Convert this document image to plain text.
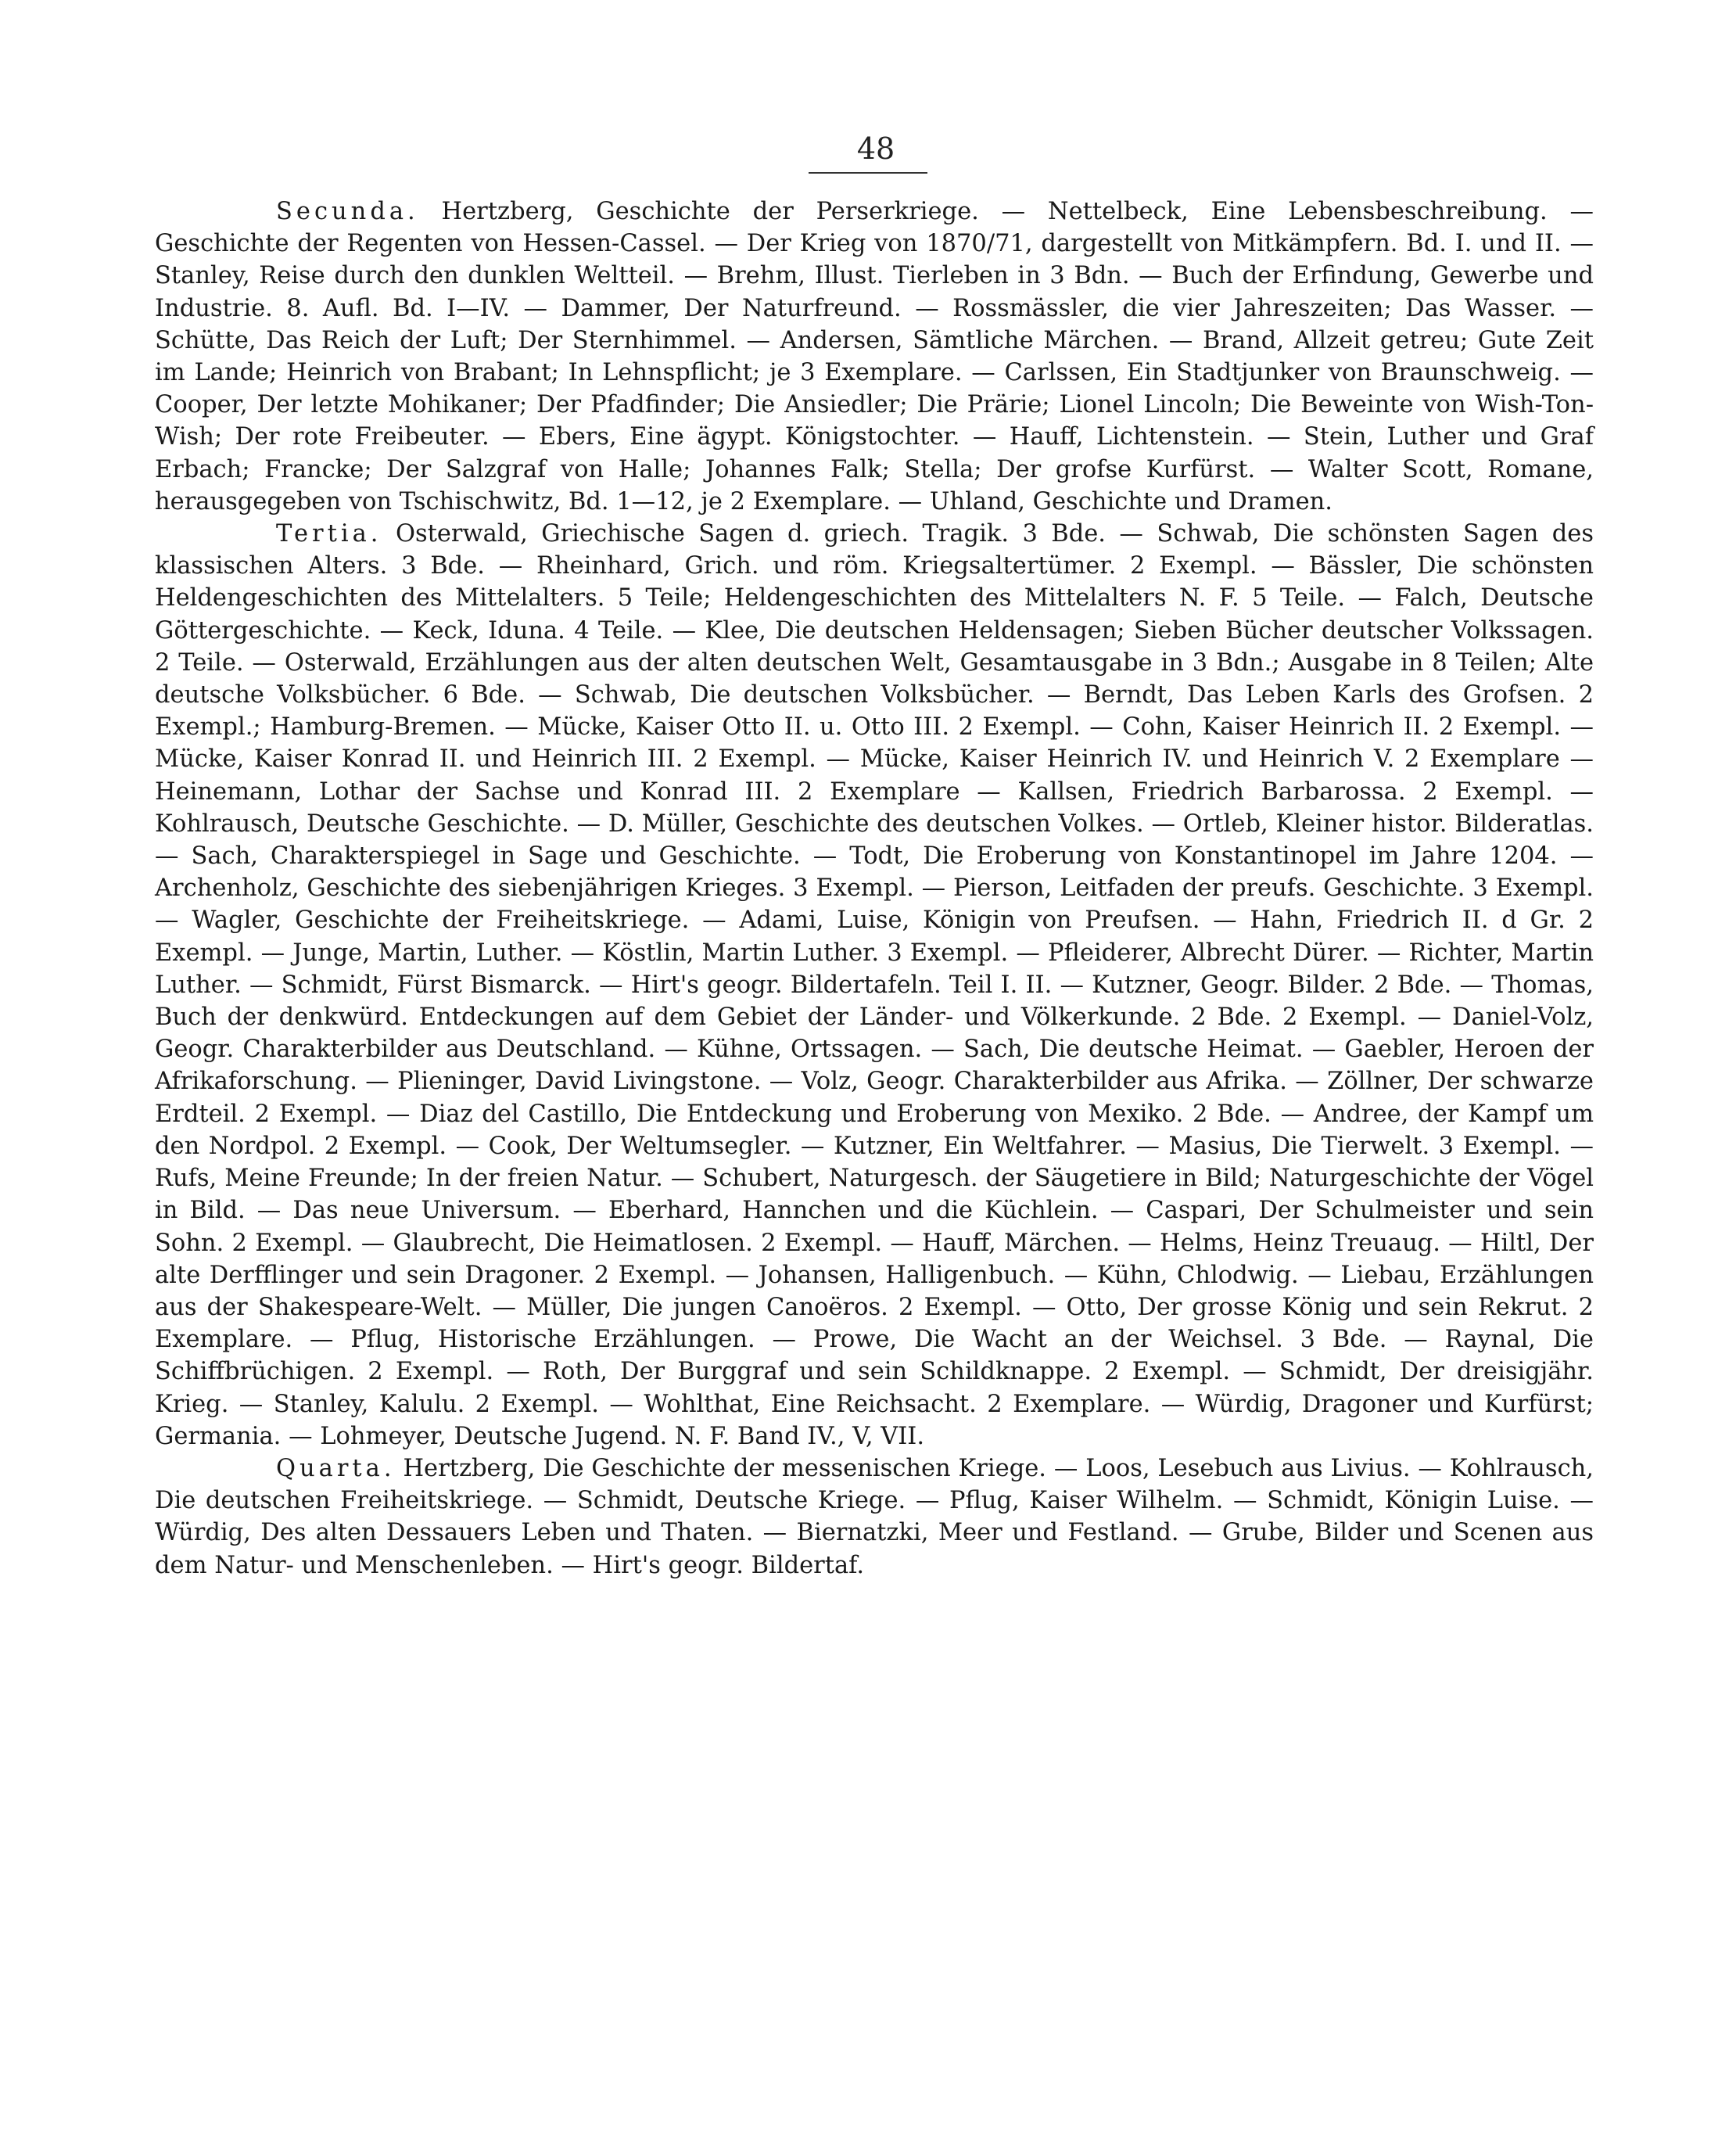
48

Secunda. Hertzberg, Geschichte der Perserkriege. — Nettelbeck, Eine Lebensbeschreibung. — Geschichte der Regenten von Hessen-Cassel. — Der Krieg von 1870/71, dargestellt von Mitkämpfern. Bd. I. und II. — Stanley, Reise durch den dunklen Weltteil. — Brehm, Illust. Tierleben in 3 Bdn. — Buch der Erfindung, Gewerbe und Industrie. 8. Aufl. Bd. I—IV. — Dammer, Der Naturfreund. — Rossmässler, die vier Jahreszeiten; Das Wasser. — Schütte, Das Reich der Luft; Der Sternhimmel. — Andersen, Sämtliche Märchen. — Brand, Allzeit getreu; Gute Zeit im Lande; Heinrich von Brabant; In Lehnspflicht; je 3 Exemplare. — Carlssen, Ein Stadtjunker von Braunschweig. — Cooper, Der letzte Mohikaner; Der Pfadfinder; Die Ansiedler; Die Prärie; Lionel Lincoln; Die Beweinte von Wish-Ton-Wish; Der rote Freibeuter. — Ebers, Eine ägypt. Königstochter. — Hauff, Lichtenstein. — Stein, Luther und Graf Erbach; Francke; Der Salzgraf von Halle; Johannes Falk; Stella; Der grofse Kurfürst. — Walter Scott, Romane, herausgegeben von Tschischwitz, Bd. 1—12, je 2 Exemplare. — Uhland, Geschichte und Dramen.

Tertia. Osterwald, Griechische Sagen d. griech. Tragik. 3 Bde. — Schwab, Die schönsten Sagen des klassischen Alters. 3 Bde. — Rheinhard, Grich. und röm. Kriegsaltertümer. 2 Exempl. — Bässler, Die schönsten Heldengeschichten des Mittelalters. 5 Teile; Heldengeschichten des Mittelalters N. F. 5 Teile. — Falch, Deutsche Göttergeschichte. — Keck, Iduna. 4 Teile. — Klee, Die deutschen Heldensagen; Sieben Bücher deutscher Volkssagen. 2 Teile. — Osterwald, Erzählungen aus der alten deutschen Welt, Gesamtausgabe in 3 Bdn.; Ausgabe in 8 Teilen; Alte deutsche Volksbücher. 6 Bde. — Schwab, Die deutschen Volksbücher. — Berndt, Das Leben Karls des Grofsen. 2 Exempl.; Hamburg-Bremen. — Mücke, Kaiser Otto II. u. Otto III. 2 Exempl. — Cohn, Kaiser Heinrich II. 2 Exempl. — Mücke, Kaiser Konrad II. und Heinrich III. 2 Exempl. — Mücke, Kaiser Heinrich IV. und Heinrich V. 2 Exemplare — Heinemann, Lothar der Sachse und Konrad III. 2 Exemplare — Kallsen, Friedrich Barbarossa. 2 Exempl. — Kohlrausch, Deutsche Geschichte. — D. Müller, Geschichte des deutschen Volkes. — Ortleb, Kleiner histor. Bilderatlas. — Sach, Charakterspiegel in Sage und Geschichte. — Todt, Die Eroberung von Konstantinopel im Jahre 1204. — Archenholz, Geschichte des siebenjährigen Krieges. 3 Exempl. — Pierson, Leitfaden der preufs. Geschichte. 3 Exempl. — Wagler, Geschichte der Freiheitskriege. — Adami, Luise, Königin von Preufsen. — Hahn, Friedrich II. d Gr. 2 Exempl. — Junge, Martin, Luther. — Köstlin, Martin Luther. 3 Exempl. — Pfleiderer, Albrecht Dürer. — Richter, Martin Luther. — Schmidt, Fürst Bismarck. — Hirt's geogr. Bildertafeln. Teil I. II. — Kutzner, Geogr. Bilder. 2 Bde. — Thomas, Buch der denkwürd. Entdeckungen auf dem Gebiet der Länder- und Völkerkunde. 2 Bde. 2 Exempl. — Daniel-Volz, Geogr. Charakterbilder aus Deutschland. — Kühne, Ortssagen. — Sach, Die deutsche Heimat. — Gaebler, Heroen der Afrikaforschung. — Plieninger, David Livingstone. — Volz, Geogr. Charakterbilder aus Afrika. — Zöllner, Der schwarze Erdteil. 2 Exempl. — Diaz del Castillo, Die Entdeckung und Eroberung von Mexiko. 2 Bde. — Andree, der Kampf um den Nordpol. 2 Exempl. — Cook, Der Weltumsegler. — Kutzner, Ein Weltfahrer. — Masius, Die Tierwelt. 3 Exempl. — Rufs, Meine Freunde; In der freien Natur. — Schubert, Naturgesch. der Säugetiere in Bild; Naturgeschichte der Vögel in Bild. — Das neue Universum. — Eberhard, Hannchen und die Küchlein. — Caspari, Der Schulmeister und sein Sohn. 2 Exempl. — Glaubrecht, Die Heimatlosen. 2 Exempl. — Hauff, Märchen. — Helms, Heinz Treuaug. — Hiltl, Der alte Derfflinger und sein Dragoner. 2 Exempl. — Johansen, Halligenbuch. — Kühn, Chlodwig. — Liebau, Erzählungen aus der Shakespeare-Welt. — Müller, Die jungen Canoëros. 2 Exempl. — Otto, Der grosse König und sein Rekrut. 2 Exemplare. — Pflug, Historische Erzählungen. — Prowe, Die Wacht an der Weichsel. 3 Bde. — Raynal, Die Schiffbrüchigen. 2 Exempl. — Roth, Der Burggraf und sein Schildknappe. 2 Exempl. — Schmidt, Der dreisigjähr. Krieg. — Stanley, Kalulu. 2 Exempl. — Wohlthat, Eine Reichsacht. 2 Exemplare. — Würdig, Dragoner und Kurfürst; Germania. — Lohmeyer, Deutsche Jugend. N. F. Band IV., V, VII.

Quarta. Hertzberg, Die Geschichte der messenischen Kriege. — Loos, Lesebuch aus Livius. — Kohlrausch, Die deutschen Freiheitskriege. — Schmidt, Deutsche Kriege. — Pflug, Kaiser Wilhelm. — Schmidt, Königin Luise. — Würdig, Des alten Dessauers Leben und Thaten. — Biernatzki, Meer und Festland. — Grube, Bilder und Scenen aus dem Natur- und Menschenleben. — Hirt's geogr. Bildertaf.
